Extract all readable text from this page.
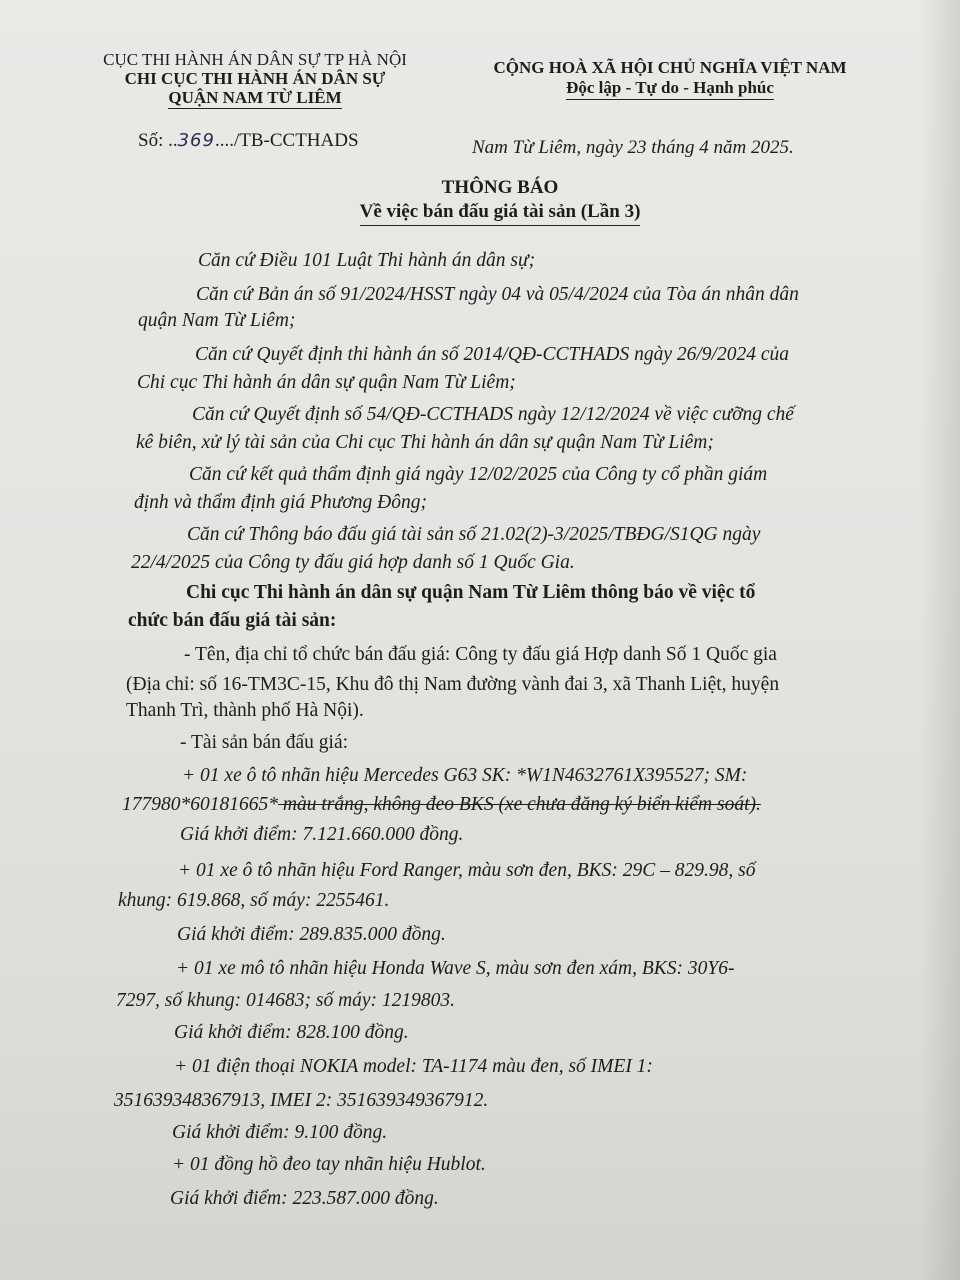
CỤC THI HÀNH ÁN DÂN SỰ TP HÀ NỘI
CHI CỤC THI HÀNH ÁN DÂN SỰ
QUẬN NAM TỪ LIÊM
CỘNG HOÀ XÃ HỘI CHỦ NGHĨA VIỆT NAM
Độc lập - Tự do - Hạnh phúc
Số: ..369..../TB-CCTHADS	Nam Từ Liêm, ngày 23 tháng 4 năm 2025.
THÔNG BÁO
Về việc bán đấu giá tài sản (Lần 3)
Căn cứ Điều 101 Luật Thi hành án dân sự;
Căn cứ Bản án số 91/2024/HSST ngày 04 và 05/4/2024 của Tòa án nhân dân
quận Nam Từ Liêm;
Căn cứ Quyết định thi hành án số 2014/QĐ-CCTHADS ngày 26/9/2024 của
Chi cục Thi hành án dân sự quận Nam Từ Liêm;
Căn cứ Quyết định số 54/QĐ-CCTHADS ngày 12/12/2024 về việc cưỡng chế
kê biên, xử lý tài sản của Chi cục Thi hành án dân sự quận Nam Từ Liêm;
Căn cứ kết quả thẩm định giá ngày 12/02/2025 của Công ty cổ phần giám
định và thẩm định giá Phương Đông;
Căn cứ Thông báo đấu giá tài sản số 21.02(2)-3/2025/TBĐG/S1QG ngày
22/4/2025 của Công ty đấu giá hợp danh số 1 Quốc Gia.
Chi cục Thi hành án dân sự quận Nam Từ Liêm thông báo về việc tổ
chức bán đấu giá tài sản:
- Tên, địa chỉ tổ chức bán đấu giá: Công ty đấu giá Hợp danh Số 1 Quốc gia
(Địa chỉ: số 16-TM3C-15, Khu đô thị Nam đường vành đai 3, xã Thanh Liệt, huyện
Thanh Trì, thành phố Hà Nội).
- Tài sản bán đấu giá:
+ 01 xe ô tô nhãn hiệu Mercedes G63 SK: *W1N4632761X395527; SM:
177980*60181665* màu trắng, không đeo BKS (xe chưa đăng ký biển kiểm soát).
Giá khởi điểm: 7.121.660.000 đồng.
+ 01 xe ô tô nhãn hiệu Ford Ranger, màu sơn đen, BKS: 29C – 829.98, số
khung: 619.868, số máy: 2255461.
Giá khởi điểm: 289.835.000 đồng.
+ 01 xe mô tô nhãn hiệu Honda Wave S, màu sơn đen xám, BKS: 30Y6-
7297, số khung: 014683; số máy: 1219803.
Giá khởi điểm: 828.100 đồng.
+ 01 điện thoại NOKIA model: TA-1174 màu đen, số IMEI 1:
351639348367913, IMEI 2: 351639349367912.
Giá khởi điểm: 9.100 đồng.
+ 01 đồng hồ đeo tay nhãn hiệu Hublot.
Giá khởi điểm: 223.587.000 đồng.
